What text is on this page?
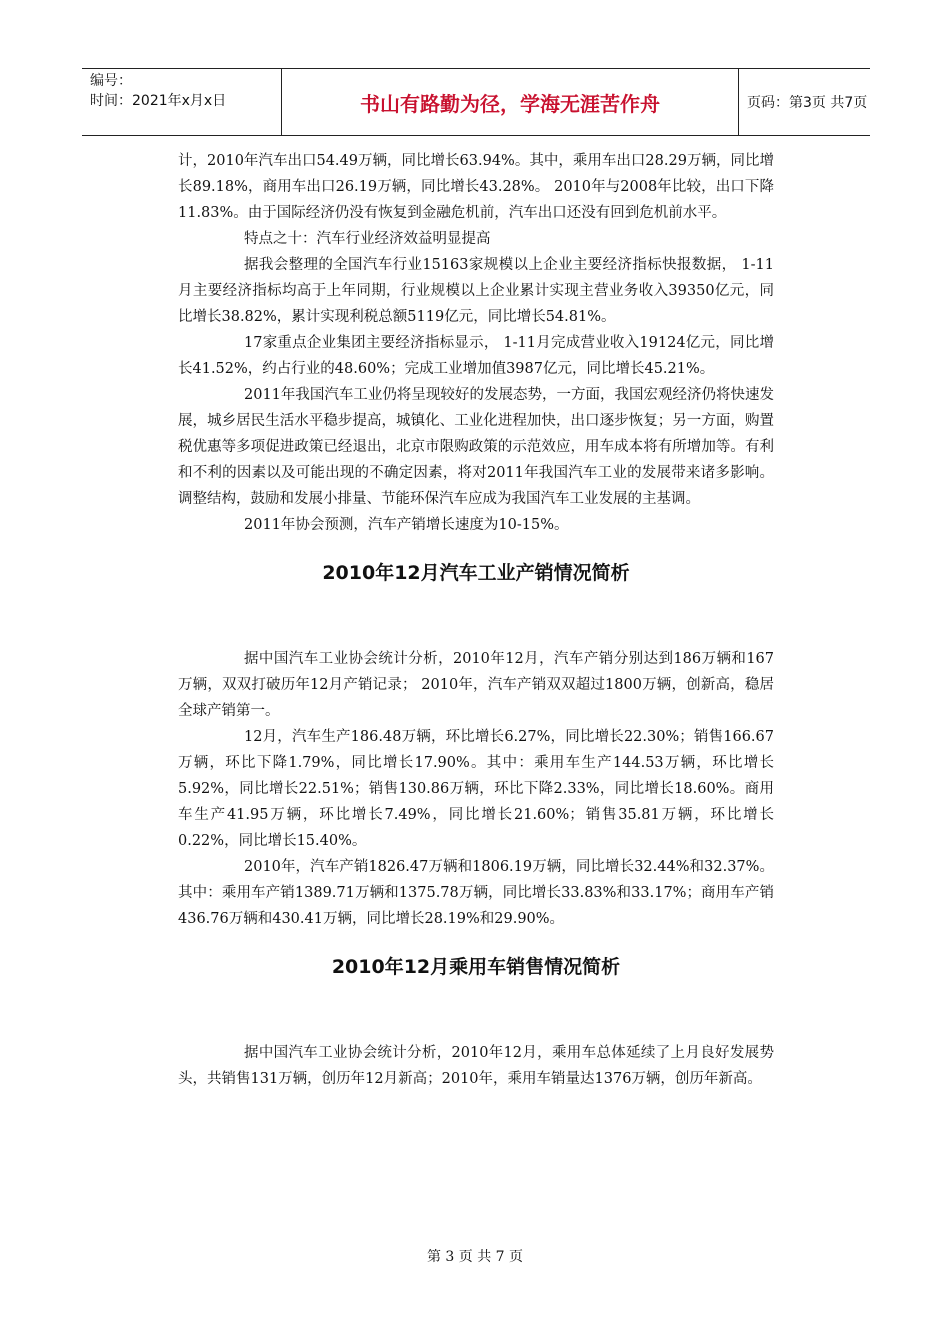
编号：
时间：2021年x月x日	书山有路勤为径，学海无涯苦作舟	页码：第3页 共7页

计，2010年汽车出口54.49万辆，同比增长63.94%。其中，乘用车出口28.29万辆，同比增长89.18%，商用车出口26.19万辆，同比增长43.28%。 2010年与2008年比较，出口下降11.83%。由于国际经济仍没有恢复到金融危机前，汽车出口还没有回到危机前水平。

特点之十：汽车行业经济效益明显提高

据我会整理的全国汽车行业15163家规模以上企业主要经济指标快报数据， 1-11月主要经济指标均高于上年同期，行业规模以上企业累计实现主营业务收入39350亿元，同比增长38.82%，累计实现利税总额5119亿元，同比增长54.81%。

17家重点企业集团主要经济指标显示， 1-11月完成营业收入19124亿元，同比增长41.52%，约占行业的48.60%；完成工业增加值3987亿元，同比增长45.21%。

2011年我国汽车工业仍将呈现较好的发展态势，一方面，我国宏观经济仍将快速发展，城乡居民生活水平稳步提高，城镇化、工业化进程加快，出口逐步恢复；另一方面，购置税优惠等多项促进政策已经退出，北京市限购政策的示范效应，用车成本将有所增加等。有利和不利的因素以及可能出现的不确定因素，将对2011年我国汽车工业的发展带来诸多影响。调整结构，鼓励和发展小排量、节能环保汽车应成为我国汽车工业发展的主基调。

2011年协会预测，汽车产销增长速度为10-15%。

2010年12月汽车工业产销情况简析

据中国汽车工业协会统计分析，2010年12月，汽车产销分别达到186万辆和167万辆，双双打破历年12月产销记录； 2010年，汽车产销双双超过1800万辆，创新高，稳居全球产销第一。

12月，汽车生产186.48万辆，环比增长6.27%，同比增长22.30%；销售166.67万辆，环比下降1.79%，同比增长17.90%。其中：乘用车生产144.53万辆，环比增长5.92%，同比增长22.51%；销售130.86万辆，环比下降2.33%，同比增长18.60%。商用车生产41.95万辆，环比增长7.49%，同比增长21.60%；销售35.81万辆，环比增长0.22%，同比增长15.40%。

2010年，汽车产销1826.47万辆和1806.19万辆，同比增长32.44%和32.37%。其中：乘用车产销1389.71万辆和1375.78万辆，同比增长33.83%和33.17%；商用车产销436.76万辆和430.41万辆，同比增长28.19%和29.90%。

2010年12月乘用车销售情况简析

据中国汽车工业协会统计分析，2010年12月，乘用车总体延续了上月良好发展势头，共销售131万辆，创历年12月新高；2010年，乘用车销量达1376万辆，创历年新高。

第 3 页 共 7 页
